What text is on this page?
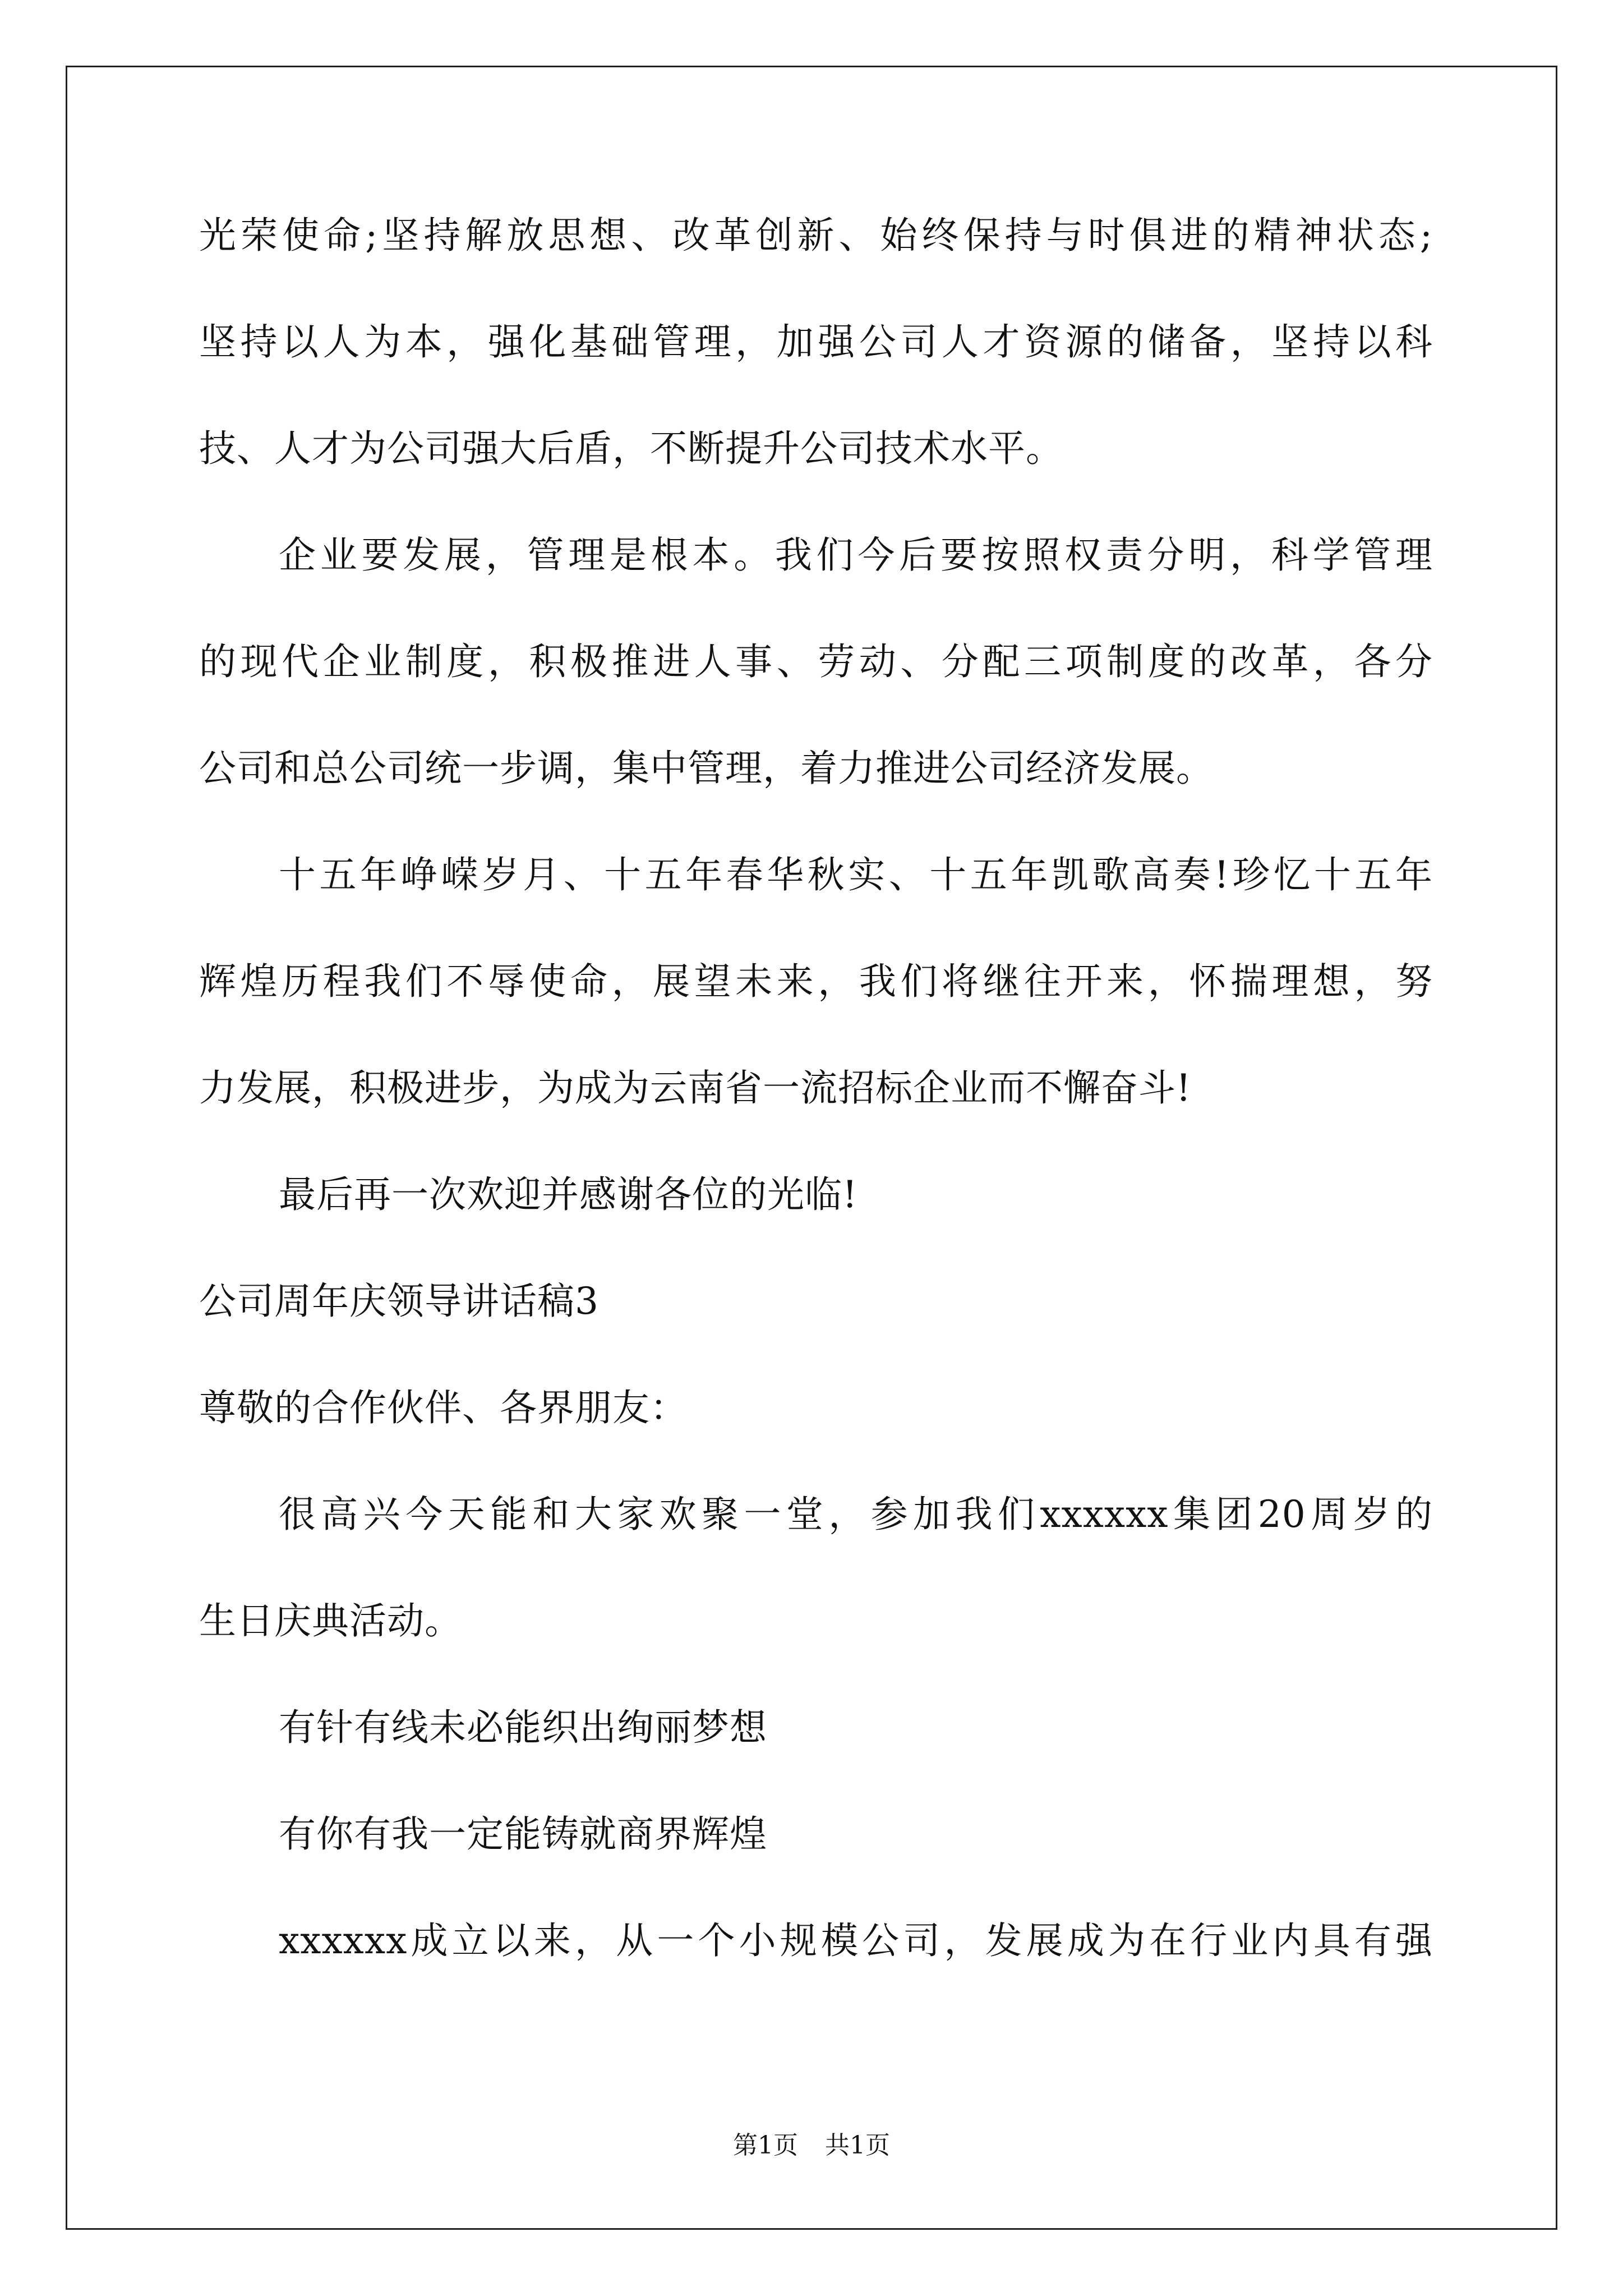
光荣使命;坚持解放思想、改革创新、始终保持与时俱进的精神状态;
坚持以人为本，强化基础管理，加强公司人才资源的储备，坚持以科
技、人才为公司强大后盾，不断提升公司技术水平。
企业要发展，管理是根本。我们今后要按照权责分明，科学管理
的现代企业制度，积极推进人事、劳动、分配三项制度的改革，各分
公司和总公司统一步调，集中管理，着力推进公司经济发展。
十五年峥嵘岁月、十五年春华秋实、十五年凯歌高奏!珍忆十五年
辉煌历程我们不辱使命，展望未来，我们将继往开来，怀揣理想，努
力发展，积极进步，为成为云南省一流招标企业而不懈奋斗!
最后再一次欢迎并感谢各位的光临!
公司周年庆领导讲话稿3
尊敬的合作伙伴、各界朋友：
很高兴今天能和大家欢聚一堂，参加我们xxxxxx集团20周岁的
生日庆典活动。
有针有线未必能织出绚丽梦想
有你有我一定能铸就商界辉煌
xxxxxx成立以来，从一个小规模公司，发展成为在行业内具有强
第1页 共1页
